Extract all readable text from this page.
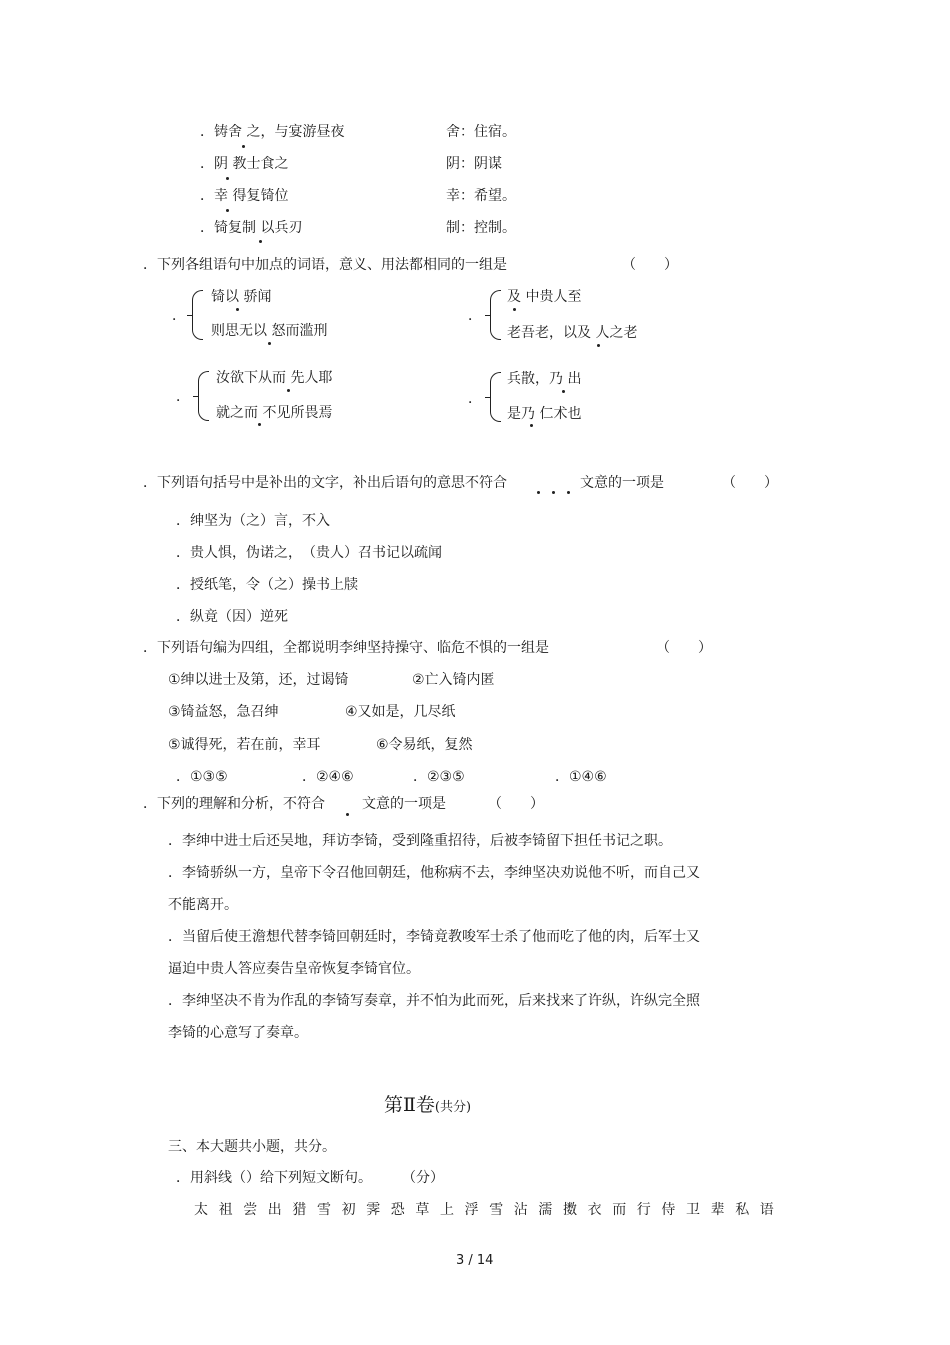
．铸舍 之，与宴游昼夜	舍：住宿。
．阴 教士食之	阴：阴谋
．幸 得复锜位	幸：希望。
．锜复制 以兵刃	制：控制。
．下列各组语句中加点的词语，意义、用法都相同的一组是	（　　）
．
锜以 骄闻
则思无以 怒而滥刑
．
及 中贵人至
老吾老，以及 人之老
．
汝欲下从而 先人耶
就之而 不见所畏焉
．
兵散，乃 出
是乃 仁术也
．下列语句括号中是补出的文字，补出后语句的意思不符合	文意的一项是	（　　）
．绅坚为（之）言，不入
．贵人惧，伪诺之，　（贵人）召书记以疏闻
．授纸笔，令（之）操书上牍
．纵竟（因）逆死
．下列语句编为四组，全都说明李绅坚持操守、临危不惧的一组是	（　　）
①绅以进士及第，还，过谒锜	②亡入锜内匿
③锜益怒，急召绅	④又如是，几尽纸
⑤诚得死，若在前，幸耳	⑥令易纸，复然
．①③⑤	．②④⑥	．②③⑤	．①④⑥
．下列的理解和分析，不符合	文意的一项是	（　　）
．李绅中进士后还吴地，拜访李锜，受到隆重招待，后被李锜留下担任书记之职。
．李锜骄纵一方，皇帝下令召他回朝廷，他称病不去，李绅坚决劝说他不听，而自己又
不能离开。
．当留后使王澹想代替李锜回朝廷时，李锜竟教唆军士杀了他而吃了他的肉，后军士又
逼迫中贵人答应奏告皇帝恢复李锜官位。
．李绅坚决不肯为作乱的李锜写奏章，并不怕为此而死，后来找来了许纵，许纵完全照
李锜的心意写了奏章。
第Ⅱ卷(共分)
三、本大题共小题，共分。
．用斜线（）给下列短文断句。 （分）
太祖尝出猎雪初霁恐草上浮雪沾濡擞衣而行侍卫辈私语
3 / 14
